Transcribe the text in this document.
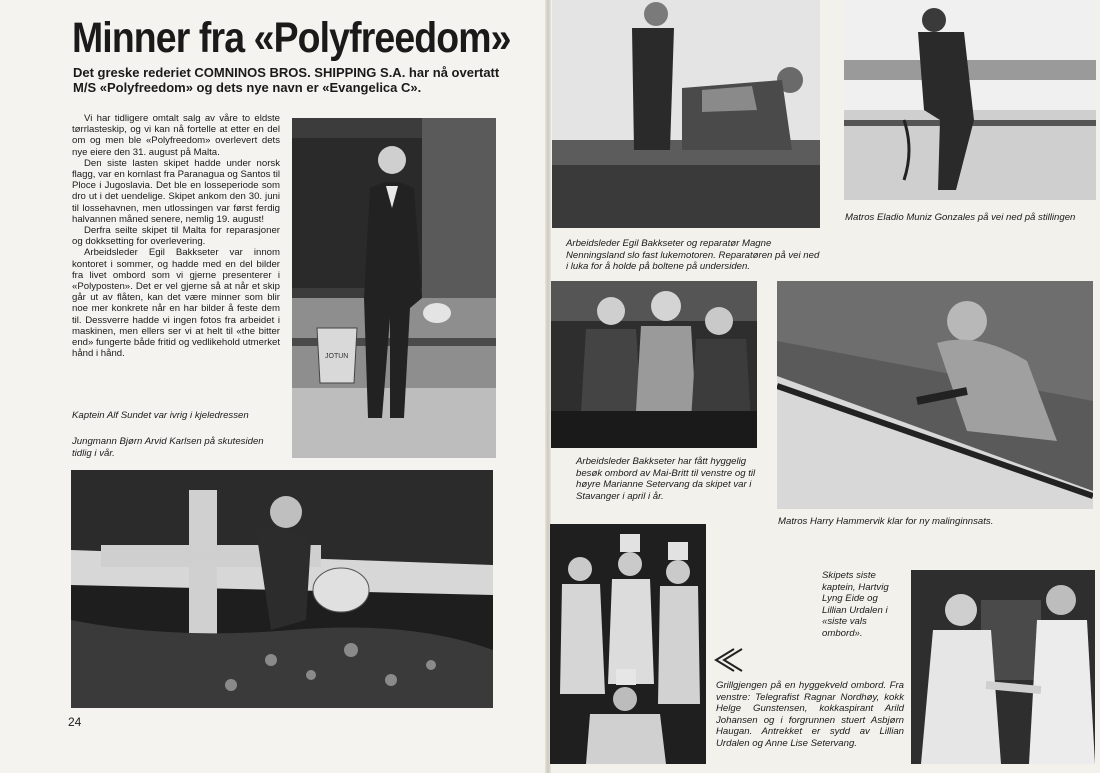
Minner fra «Polyfreedom»
Det greske rederiet COMNINOS BROS. SHIPPING S.A. har nå overtatt M/S «Polyfreedom» og dets nye navn er «Evangelica C».

Vi har tidligere omtalt salg av våre to eldste tørrlasteskip, og vi kan nå fortelle at etter en del om og men ble «Polyfreedom» overlevert dets nye eiere den 31. august på Malta.

Den siste lasten skipet hadde under norsk flagg, var en kornlast fra Paranagua og Santos til Ploce i Jugoslavia. Det ble en losseperiode som dro ut i det uendelige. Skipet ankom den 30. juni til lossehavnen, men utlossingen var først ferdig halvannen måned senere, nemlig 19. august!

Derfra seilte skipet til Malta for reparasjoner og dokksetting for overlevering.

Arbeidsleder Egil Bakkseter var innom kontoret i sommer, og hadde med en del bilder fra livet ombord som vi gjerne presenterer i «Polyposten». Det er vel gjerne så at når et skip går ut av flåten, kan det være minner som blir noe mer konkrete når en har bilder å feste dem til. Dessverre hadde vi ingen fotos fra arbeidet i maskinen, men ellers ser vi at helt til «the bitter end» fungerte både fritid og vedlikehold utmerket hånd i hånd.

Kaptein Alf Sundet var ivrig i kjeledressen
Jungmann Bjørn Arvid Karlsen på skutesiden tidlig i vår.
JOTUN
24
Arbeidsleder Egil Bakkseter og reparatør Magne Nenningsland slo fast lukemotoren. Reparatøren på vei ned i luka for å holde på boltene på undersiden.
Matros Eladio Muniz Gonzales på vei ned på stillingen
Arbeidsleder Bakkseter har fått hyggelig besøk ombord av Mai-Britt til venstre og til høyre Marianne Setervang da skipet var i Stavanger i april i år.
Matros Harry Hammervik klar for ny malinginnsats.
Skipets siste kaptein, Hartvig Lyng Eide og Lillian Urdalen i «siste vals ombord».
Grillgjengen på en hyggekveld ombord. Fra venstre: Telegrafist Ragnar Nordhøy, kokk Helge Gunstensen, kokkaspirant Arild Johansen og i forgrunnen stuert Asbjørn Haugan. Antrekket er sydd av Lillian Urdalen og Anne Lise Setervang.
